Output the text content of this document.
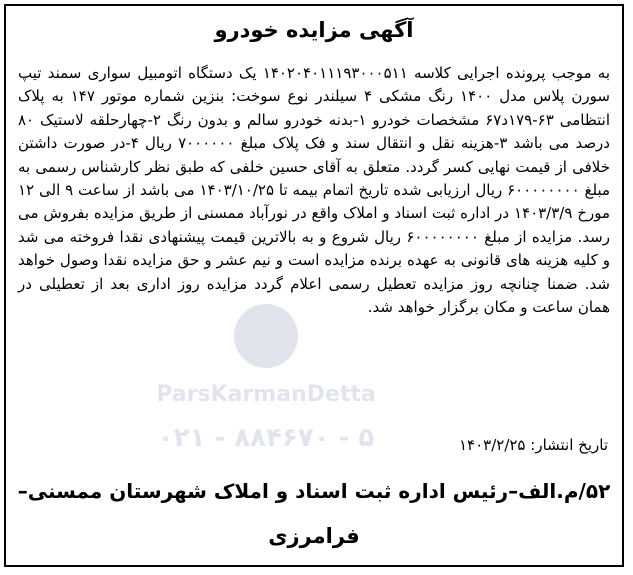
آگهی مزایده خودرو
به موجب پرونده اجرایی کلاسه ۱۴۰۲۰۴۰۱۱۱۹۳۰۰۰۵۱۱ یک دستگاه اتومبیل سواری سمند تیپ سورن پلاس مدل ۱۴۰۰ رنگ مشکی ۴ سیلندر نوع سوخت: بنزین شماره موتور ۱۴۷ به پلاک انتظامی ۶۳-۱۷۹د۶۷ مشخصات خودرو ۱-بدنه خودرو سالم و بدون رنگ ۲-چهارحلقه لاستیک ۸۰ درصد می باشد ۳-هزینه نقل و انتقال سند و فک پلاک مبلغ ۷۰۰۰۰۰۰ ریال ۴-در صورت داشتن خلافی از قیمت نهایی کسر گردد. متعلق به آقای حسین خلفی که طبق نظر کارشناس رسمی به مبلغ ۶۰۰۰۰۰۰۰۰ ریال ارزیابی شده تاریخ اتمام بیمه تا ۱۴۰۳/۱۰/۲۵ می باشد از ساعت ۹ الی ۱۲ مورخ ۱۴۰۳/۳/۹ در اداره ثبت اسناد و املاک واقع در نورآباد ممسنی از طریق مزایده بفروش می رسد. مزایده از مبلغ ۶۰۰۰۰۰۰۰۰ ریال شروع و به بالاترین قیمت پیشنهادی نقدا فروخته می شد و کلیه هزینه های قانونی به عهده برنده مزایده است و نیم عشر و حق مزایده نقدا وصول خواهد شد. ضمنا چنانچه روز مزایده تعطیل رسمی اعلام گردد مزایده روز اداری بعد از تعطیلی در همان ساعت و مکان برگزار خواهد شد.
ParsKarmanDetta
۰۲۱ - ۸۸۴۶۷۰ - ۵	تاریخ انتشار: ۱۴۰۳/۲/۲۵
۵۲/م.الف–رئیس اداره ثبت اسناد و املاک شهرستان ممسنی–
فرامرزی
